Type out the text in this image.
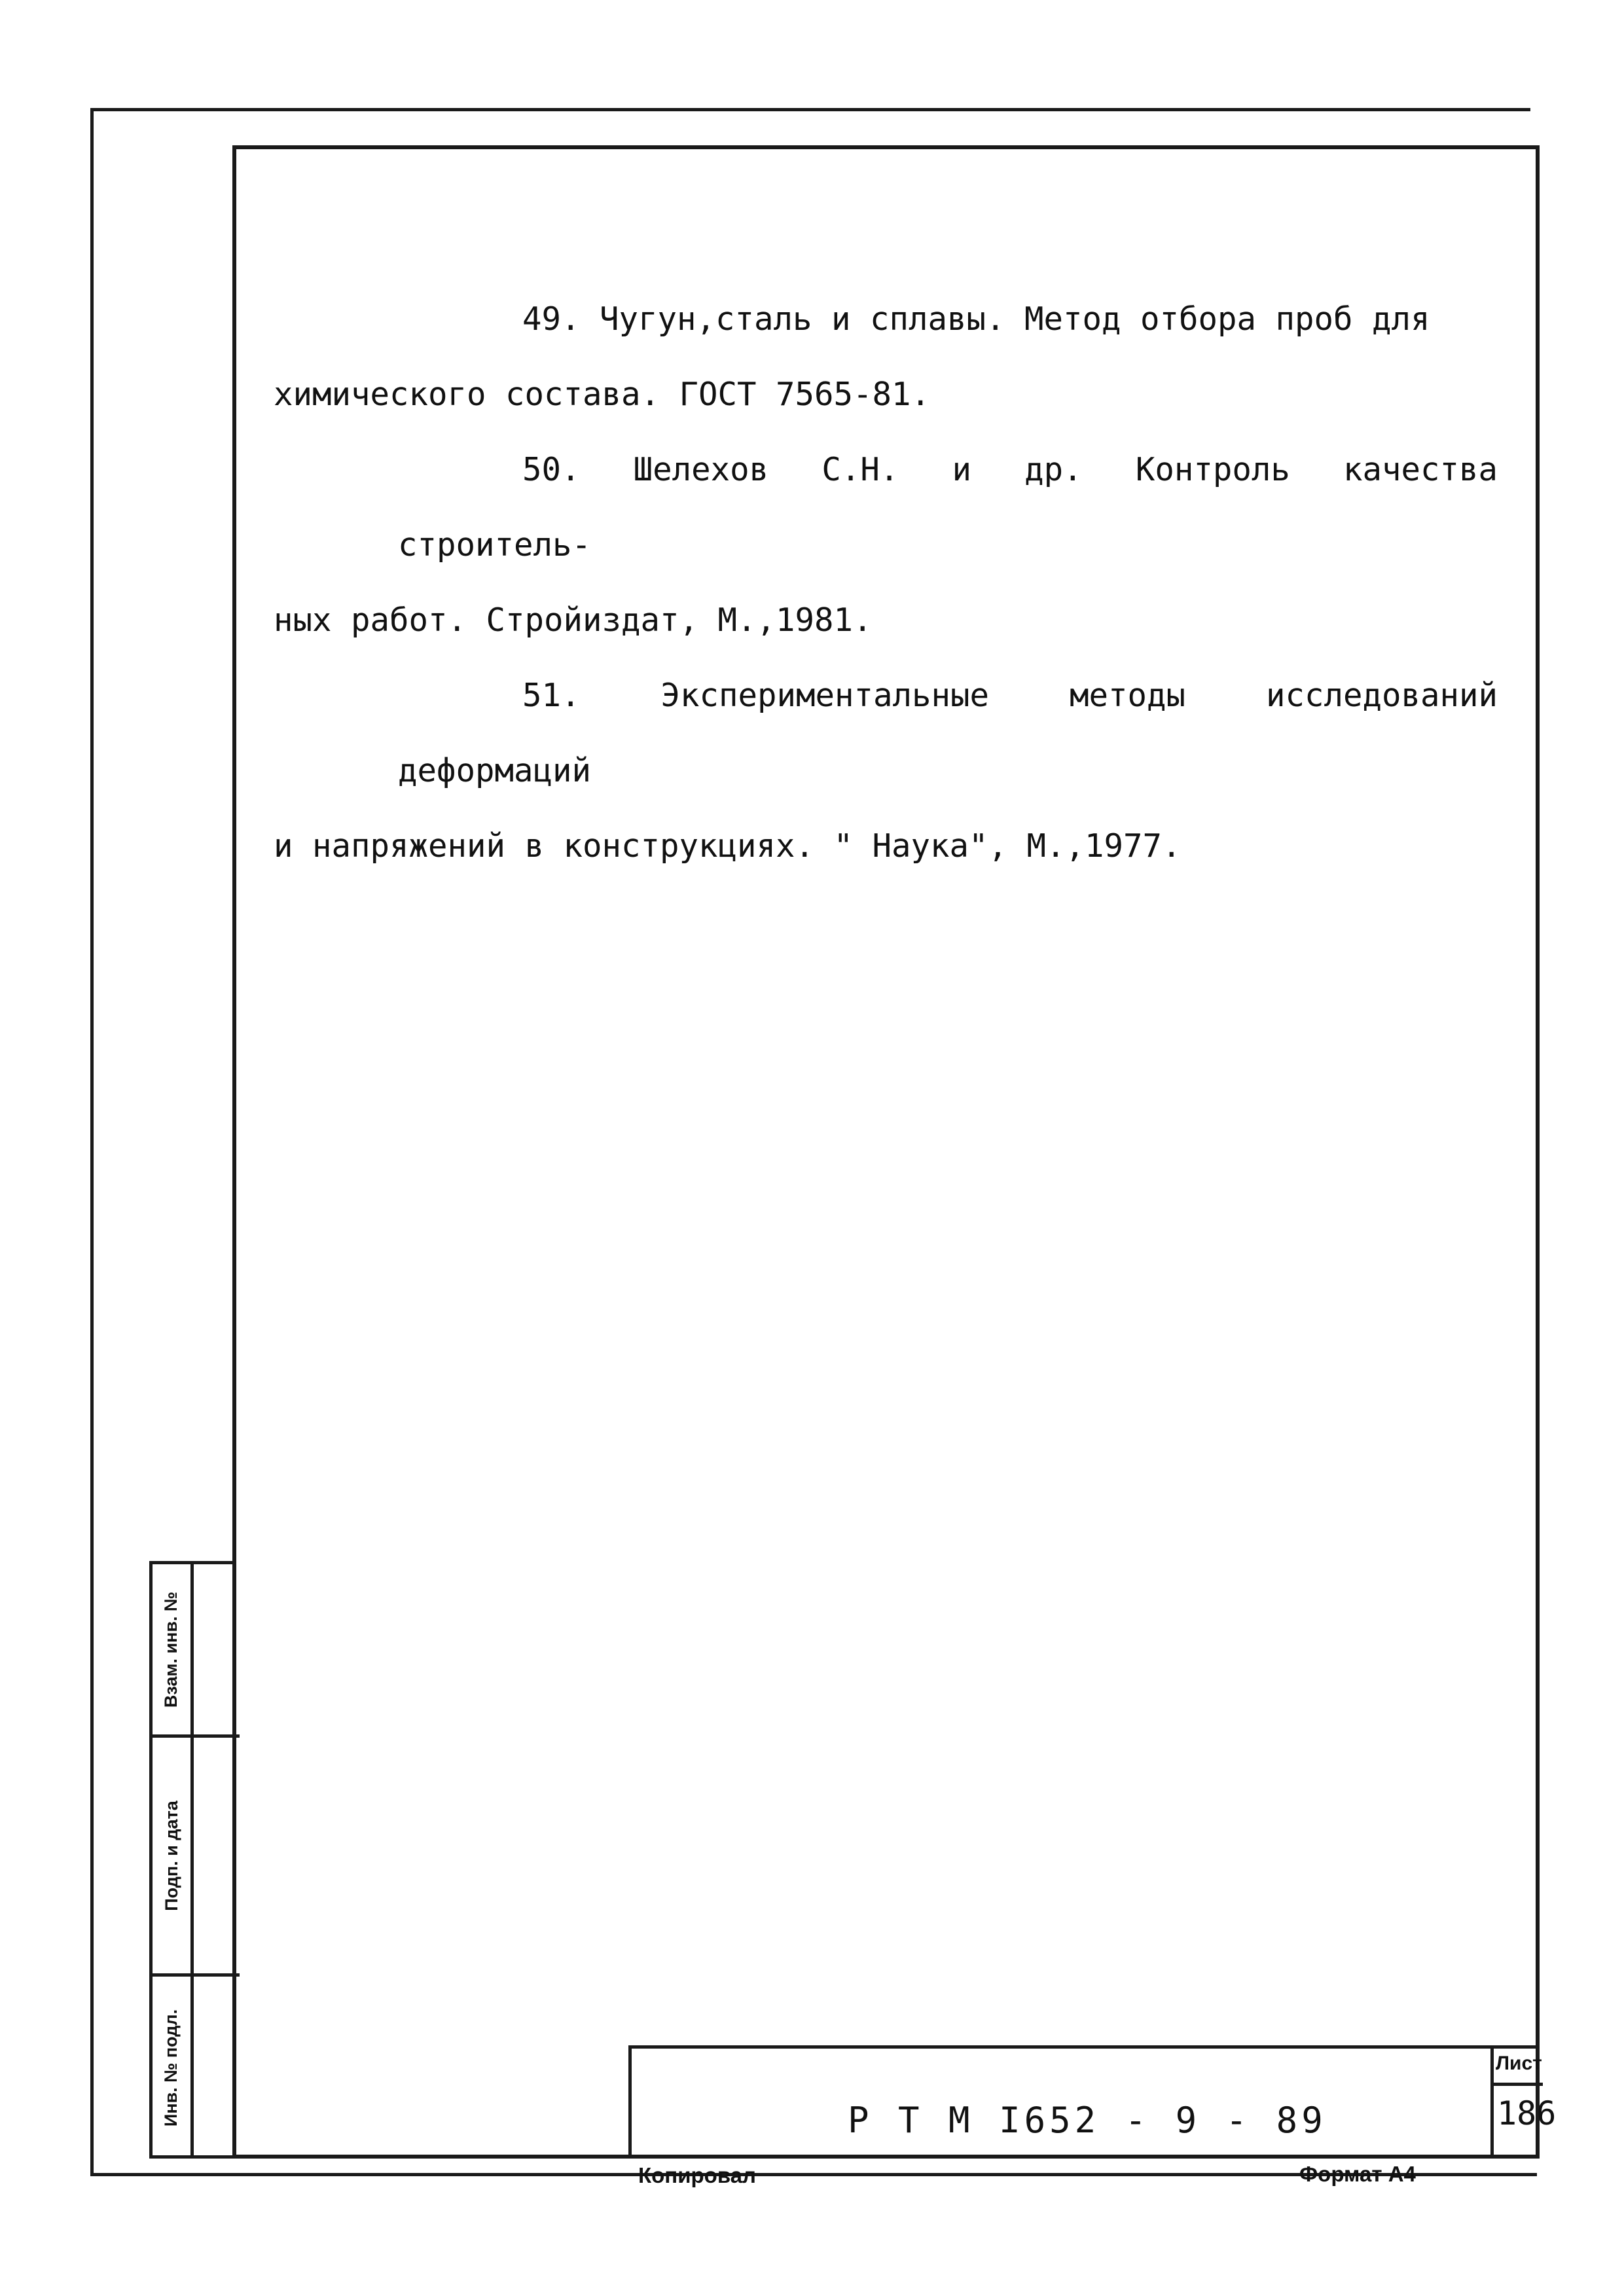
49. Чугун,сталь и сплавы. Метод отбора проб для
химического состава. ГОСТ 7565-81.

50. Шелехов С.Н. и др. Контроль качества строитель-
ных работ. Стройиздат, М.,1981.

51. Экспериментальные методы исследований деформаций
и напряжений в конструкциях. " Наука", М.,1977.

Взам. инв. №
Подп. и дата
Инв. № подл.	Р Т М I652 - 9 - 89
Лист
186
Копировал	Формат А4
